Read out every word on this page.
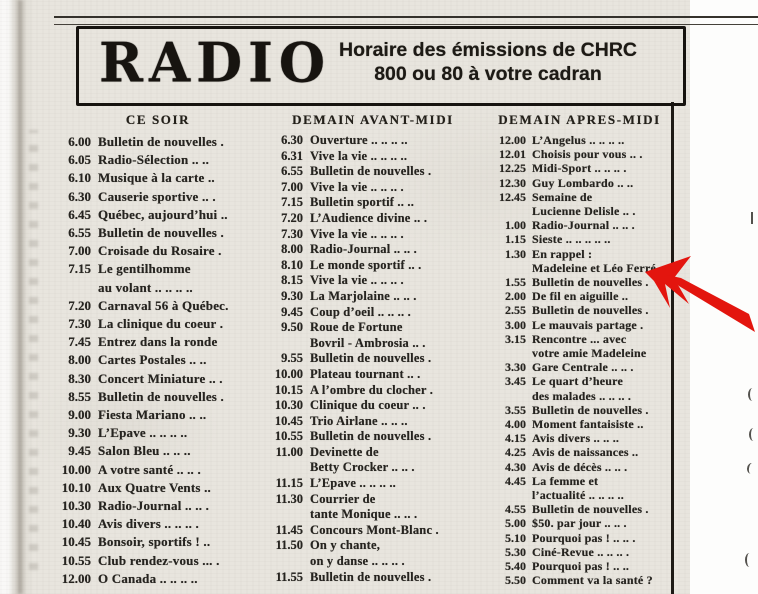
RADIO Horaire des émissions de CHRC
800 ou 80 à votre cadran
CE SOIR	DEMAIN AVANT-MIDI	DEMAIN APRES-MIDI
6.00 Bulletin de nouvelles .
6.05 Radio-Sélection .. ..
6.10 Musique à la carte ..
6.30 Causerie sportive .. .
6.45 Québec, aujourd’hui ..
6.55 Bulletin de nouvelles .
7.00 Croisade du Rosaire .
7.15 Le gentilhomme
au volant .. .. .. ..
7.20 Carnaval 56 à Québec.
7.30 La clinique du coeur .
7.45 Entrez dans la ronde
8.00 Cartes Postales .. ..
8.30 Concert Miniature .. .
8.55 Bulletin de nouvelles .
9.00 Fiesta Mariano .. ..
9.30 L’Epave .. .. .. ..
9.45 Salon Bleu .. .. ..
10.00 A votre santé .. .. .
10.10 Aux Quatre Vents ..
10.30 Radio-Journal .. .. .
10.40 Avis divers .. .. .. .
10.45 Bonsoir, sportifs ! ..
10.55 Club rendez-vous ... .
12.00 O Canada .. .. .. ..
6.30 Ouverture .. .. .. ..
6.31 Vive la vie .. .. .. ..
6.55 Bulletin de nouvelles .
7.00 Vive la vie .. .. .. .
7.15 Bulletin sportif .. ..
7.20 L’Audience divine .. .
7.30 Vive la vie .. .. .. .
8.00 Radio-Journal .. .. .
8.10 Le monde sportif .. .
8.15 Vive la vie .. .. .. .
9.30 La Marjolaine .. .. .
9.45 Coup d’oeil .. .. .. .
9.50 Roue de Fortune
Bovril - Ambrosia .. .
9.55 Bulletin de nouvelles .
10.00 Plateau tournant .. .
10.15 A l’ombre du clocher .
10.30 Clinique du coeur .. .
10.45 Trio Airlane .. .. ..
10.55 Bulletin de nouvelles .
11.00 Devinette de
Betty Crocker .. .. .
11.15 L’Epave .. .. .. ..
11.30 Courrier de
tante Monique .. .. .
11.45 Concours Mont-Blanc .
11.50 On y chante,
on y danse .. .. .. .
11.55 Bulletin de nouvelles .
12.00 L’Angelus .. .. .. ..
12.01 Choisis pour vous .. .
12.25 Midi-Sport .. .. .. .
12.30 Guy Lombardo .. ..
12.45 Semaine de
Lucienne Delisle .. .
1.00 Radio-Journal .. .. .
1.15 Sieste .. .. .. .. ..
1.30 En rappel :
Madeleine et Léo Ferré
1.55 Bulletin de nouvelles .
2.00 De fil en aiguille ..
2.55 Bulletin de nouvelles .
3.00 Le mauvais partage .
3.15 Rencontre ... avec
votre amie Madeleine
3.30 Gare Centrale .. .. .
3.45 Le quart d’heure
des malades .. .. .. .
3.55 Bulletin de nouvelles .
4.00 Moment fantaisiste ..
4.15 Avis divers .. .. ..
4.25 Avis de naissances ..
4.30 Avis de décès .. .. .
4.45 La femme et
l’actualité .. .. .. ..
4.55 Bulletin de nouvelles .
5.00 $50. par jour .. .. .
5.10 Pourquoi pas ! .. .. .
5.30 Ciné-Revue .. .. .. .
5.40 Pourquoi pas ! .. ..
5.50 Comment va la santé ?
